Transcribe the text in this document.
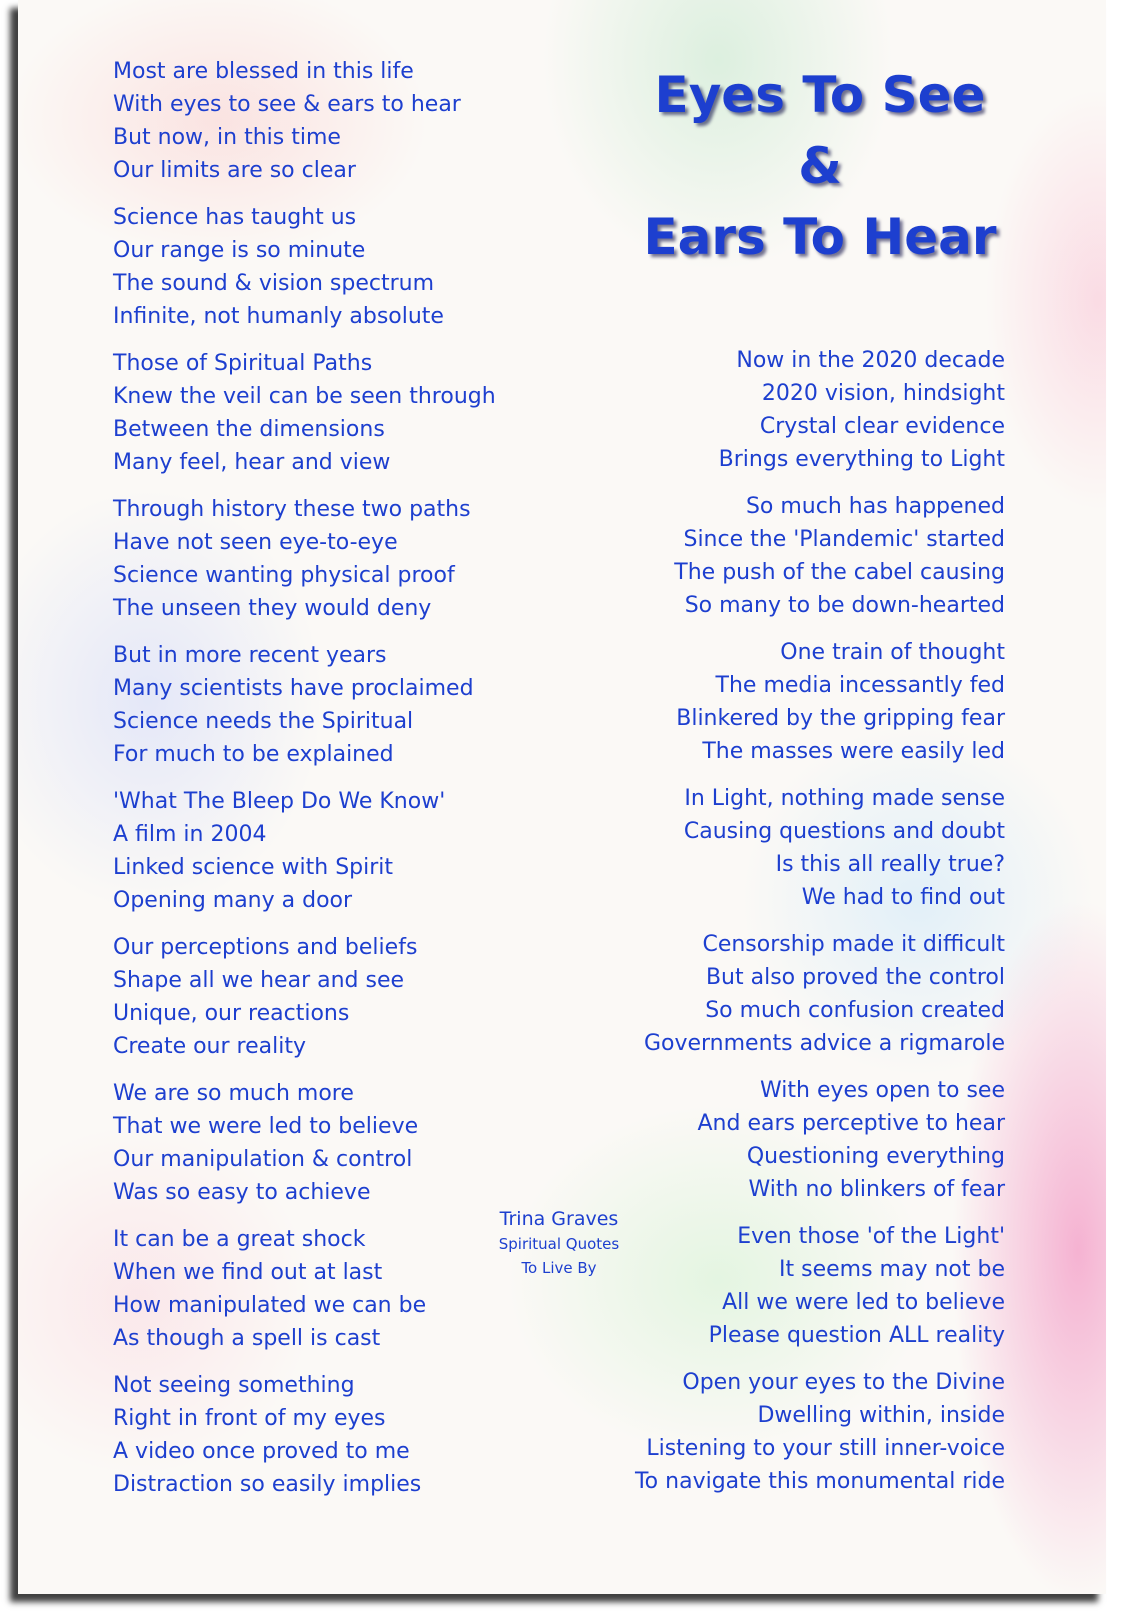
Eyes To See
&
Ears To Hear
Most are blessed in this life
With eyes to see & ears to hear
But now, in this time
Our limits are so clear
Science has taught us
Our range is so minute
The sound & vision spectrum
Infinite, not humanly absolute
Those of Spiritual Paths
Knew the veil can be seen through
Between the dimensions
Many feel, hear and view
Through history these two paths
Have not seen eye-to-eye
Science wanting physical proof
The unseen they would deny
But in more recent years
Many scientists have proclaimed
Science needs the Spiritual
For much to be explained
'What The Bleep Do We Know'
A film in 2004
Linked science with Spirit
Opening many a door
Our perceptions and beliefs
Shape all we hear and see
Unique, our reactions
Create our reality
We are so much more
That we were led to believe
Our manipulation & control
Was so easy to achieve
It can be a great shock
When we find out at last
How manipulated we can be
As though a spell is cast
Not seeing something
Right in front of my eyes
A video once proved to me
Distraction so easily implies
Now in the 2020 decade
2020 vision, hindsight
Crystal clear evidence
Brings everything to Light
So much has happened
Since the 'Plandemic' started
The push of the cabel causing
So many to be down-hearted
One train of thought
The media incessantly fed
Blinkered by the gripping fear
The masses were easily led
In Light, nothing made sense
Causing questions and doubt
Is this all really true?
We had to find out
Censorship made it difficult
But also proved the control
So much confusion created
Governments advice a rigmarole
With eyes open to see
And ears perceptive to hear
Questioning everything
With no blinkers of fear
Even those 'of the Light'
It seems may not be
All we were led to believe
Please question ALL reality
Open your eyes to the Divine
Dwelling within, inside
Listening to your still inner-voice
To navigate this monumental ride
Trina Graves
Spiritual Quotes
To Live By
